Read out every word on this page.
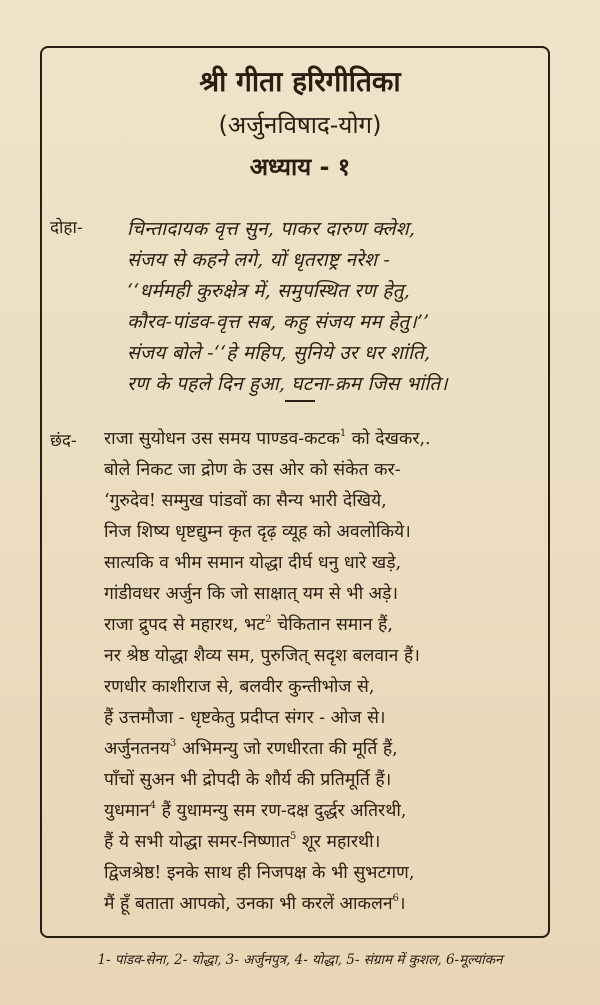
श्री गीता हरिगीतिका
(अर्जुनविषाद-योग)
अध्याय - १
दोहा- चिन्तादायक वृत्त सुन, पाकर दारुण क्लेश,
संजय से कहने लगे, यों धृतराष्ट्र नरेश -
‘‘धर्ममही कुरुक्षेत्र में, समुपस्थित रण हेतु,
कौरव-पांडव-वृत्त सब, कहु संजय मम हेतु।’’
संजय बोले -‘‘हे महिप, सुनिये उर धर शांति,
रण के पहले दिन हुआ, घटना-क्रम जिस भांति।
छंद- राजा सुयोधन उस समय पाण्डव-कटक$^1$ को देखकर,.
बोले निकट जा द्रोण के उस ओर को संकेत कर-
‘गुरुदेव! सम्मुख पांडवों का सैन्य भारी देखिये,
निज शिष्य धृष्टद्युम्न कृत दृढ़ व्यूह को अवलोकिये।
सात्यकि व भीम समान योद्धा दीर्घ धनु धारे खड़े,
गांडीवधर अर्जुन कि जो साक्षात् यम से भी अड़े।
राजा द्रुपद से महारथ, भट$^2$ चेकितान समान हैं,
नर श्रेष्ठ योद्धा शैव्य सम, पुरुजित् सदृश बलवान हैं।
रणधीर काशीराज से, बलवीर कुन्तीभोज से,
हैं उत्तमौजा - धृष्टकेतु प्रदीप्त संगर - ओज से।
अर्जुनतनय$^3$ अभिमन्यु जो रणधीरता की मूर्ति हैं,
पाँचों सुअन भी द्रोपदी के शौर्य की प्रतिमूर्ति हैं।
युधमान$^4$ हैं युधामन्यु सम रण-दक्ष दुर्द्धर अतिरथी,
हैं ये सभी योद्धा समर-निष्णात$^5$ शूर महारथी।
द्विजश्रेष्ठ! इनके साथ ही निजपक्ष के भी सुभटगण,
मैं हूँ बताता आपको, उनका भी करलें आकलन$^6$।
1- पांडव-सेना, 2- योद्धा, 3- अर्जुनपुत्र, 4- योद्धा, 5- संग्राम में कुशल, 6-मूल्यांकन
